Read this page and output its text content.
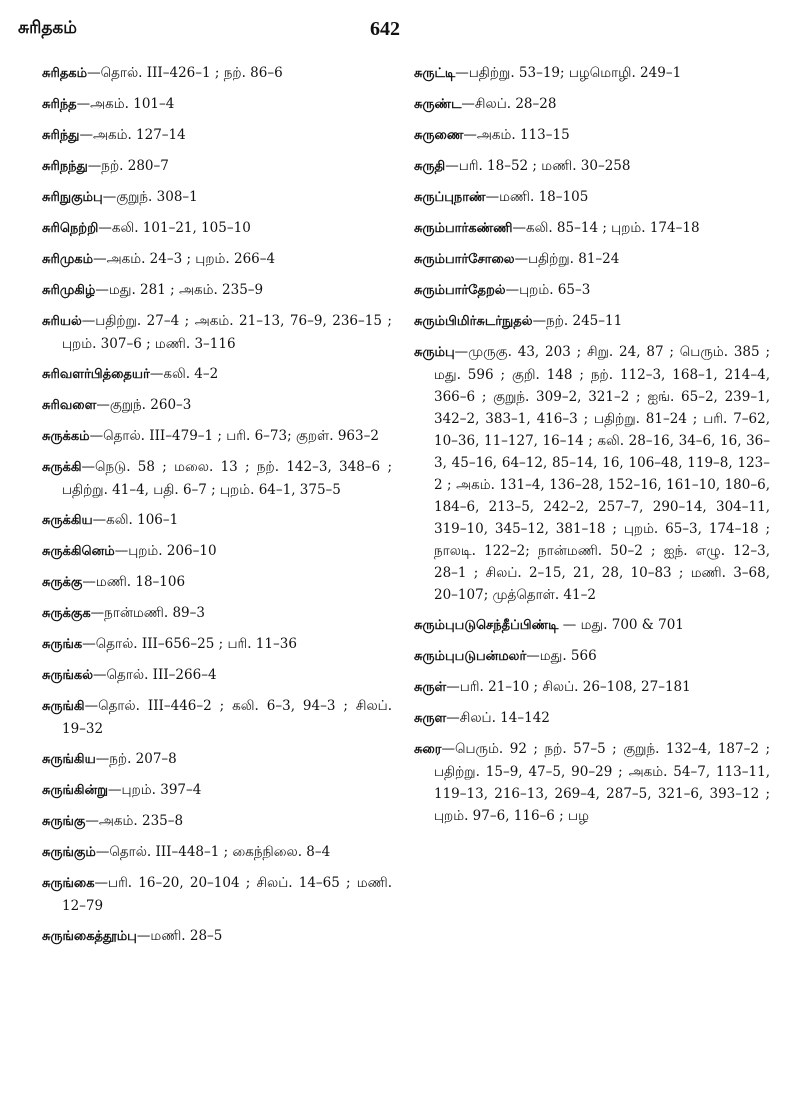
சுரிதகம்	642
சுரிதகம்—தொல். III–426–1 ; நற். 86–6
சுரிந்த—அகம். 101–4
சுரிந்து—அகம். 127–14
சுரிநந்து—நற். 280–7
சுரிநுகும்பு—குறுந். 308–1
சுரிநெற்றி—கலி. 101–21, 105–10
சுரிமுகம்—அகம். 24–3 ; புறம். 266–4
சுரிமுகிழ்—மது. 281 ; அகம். 235–9
சுரியல்—பதிற்று. 27–4 ; அகம். 21–13, 76–9, 236–15 ; புறம். 307–6 ; மணி. 3–116
சுரிவளர்பித்தையர்—கலி. 4–2
சுரிவளை—குறுந். 260–3
சுருக்கம்—தொல். III–479–1 ; பரி. 6–73; குறள். 963–2
சுருக்கி—நெடு. 58 ; மலை. 13 ; நற். 142–3, 348–6 ; பதிற்று. 41–4, பதி. 6–7 ; புறம். 64–1, 375–5
சுருக்கிய—கலி. 106–1
சுருக்கினெம்—புறம். 206–10
சுருக்கு—மணி. 18–106
சுருக்குக—நான்மணி. 89–3
சுருங்க—தொல். III–656–25 ; பரி. 11–36
சுருங்கல்—தொல். III–266–4
சுருங்கி—தொல். III–446–2 ; கலி. 6–3, 94–3 ; சிலப். 19–32
சுருங்கிய—நற். 207–8
சுருங்கின்று—புறம். 397–4
சுருங்கு—அகம். 235–8
சுருங்கும்—தொல். III–448–1 ; கைந்நிலை. 8–4
சுருங்கை—பரி. 16–20, 20–104 ; சிலப். 14–65 ; மணி. 12–79
சுருங்கைத்தூம்பு—மணி. 28–5
சுருட்டி—பதிற்று. 53–19; பழமொழி. 249–1
சுருண்ட—சிலப். 28–28
சுருணை—அகம். 113–15
சுருதி—பரி. 18–52 ; மணி. 30–258
சுருப்புநாண்—மணி. 18–105
சுரும்பார்கண்ணி—கலி. 85–14 ; புறம். 174–18
சுரும்பார்சோலை—பதிற்று. 81–24
சுரும்பார்தேறல்—புறம். 65–3
சுரும்பிமிர்சுடர்நுதல்—நற். 245–11
சுரும்பு—முருகு. 43, 203 ; சிறு. 24, 87 ; பெரும். 385 ; மது. 596 ; குறி. 148 ; நற். 112–3, 168–1, 214–4, 366–6 ; குறுந். 309–2, 321–2 ; ஐங். 65–2, 239–1, 342–2, 383–1, 416–3 ; பதிற்று. 81–24 ; பரி. 7–62, 10–36, 11–127, 16–14 ; கலி. 28–16, 34–6, 16, 36–3, 45–16, 64–12, 85–14, 16, 106–48, 119–8, 123–2 ; அகம். 131–4, 136–28, 152–16, 161–10, 180–6, 184–6, 213–5, 242–2, 257–7, 290–14, 304–11, 319–10, 345–12, 381–18 ; புறம். 65–3, 174–18 ; நாலடி. 122–2; நான்மணி. 50–2 ; ஐந். எழு. 12–3, 28–1 ; சிலப். 2–15, 21, 28, 10–83 ; மணி. 3–68, 20–107; முத்தொள். 41–2
சுரும்புபடுசெந்தீப்பிண்டி — மது. 700 & 701
சுரும்புபடுபன்மலர்—மது. 566
சுருள்—பரி. 21–10 ; சிலப். 26–108, 27–181
சுருள—சிலப். 14–142
சுரை—பெரும். 92 ; நற். 57–5 ; குறுந். 132–4, 187–2 ; பதிற்று. 15–9, 47–5, 90–29 ; அகம். 54–7, 113–11, 119–13, 216–13, 269–4, 287–5, 321–6, 393–12 ; புறம். 97–6, 116–6 ; பழ
